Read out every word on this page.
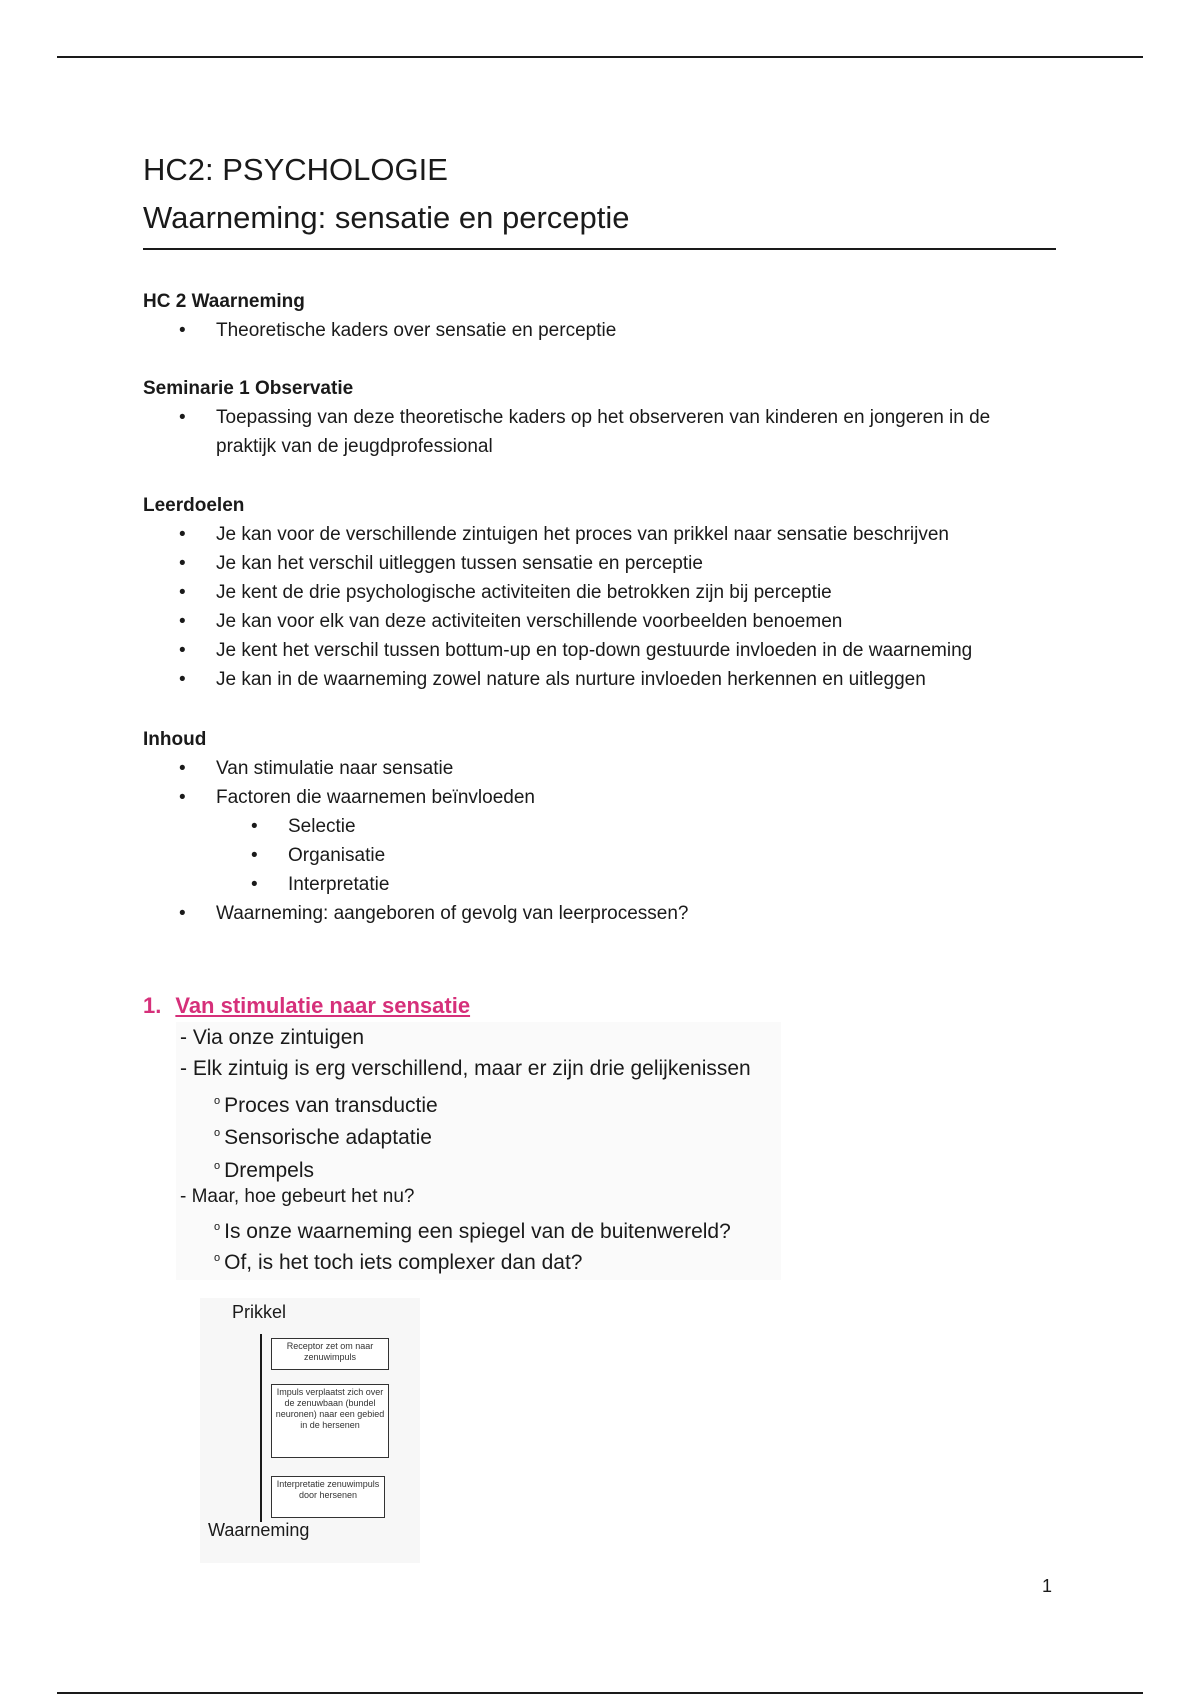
HC2: PSYCHOLOGIE
Waarneming: sensatie en perceptie
HC 2 Waarneming
• Theoretische kaders over sensatie en perceptie
Seminarie 1 Observatie
• Toepassing van deze theoretische kaders op het observeren van kinderen en jongeren in de praktijk van de jeugdprofessional
Leerdoelen
• Je kan voor de verschillende zintuigen het proces van prikkel naar sensatie beschrijven
• Je kan het verschil uitleggen tussen sensatie en perceptie
• Je kent de drie psychologische activiteiten die betrokken zijn bij perceptie
• Je kan voor elk van deze activiteiten verschillende voorbeelden benoemen
• Je kent het verschil tussen bottum-up en top-down gestuurde invloeden in de waarneming
• Je kan in de waarneming zowel nature als nurture invloeden herkennen en uitleggen
Inhoud
• Van stimulatie naar sensatie
• Factoren die waarnemen beïnvloeden
• Selectie
• Organisatie
• Interpretatie
• Waarneming: aangeboren of gevolg van leerprocessen?
1. Van stimulatie naar sensatie
- Via onze zintuigen
- Elk zintuig is erg verschillend, maar er zijn drie gelijkenissen
$^o$ Proces van transductie
$^o$ Sensorische adaptatie
$^o$ Drempels
- Maar, hoe gebeurt het nu?
$^o$ Is onze waarneming een spiegel van de buitenwereld?
$^o$ Of, is het toch iets complexer dan dat?
Prikkel
Receptor zet om naar zenuwimpuls
Impuls verplaatst zich over de zenuwbaan (bundel neuronen) naar een gebied in de hersenen
Interpretatie zenuwimpuls door hersenen
Waarneming
1
